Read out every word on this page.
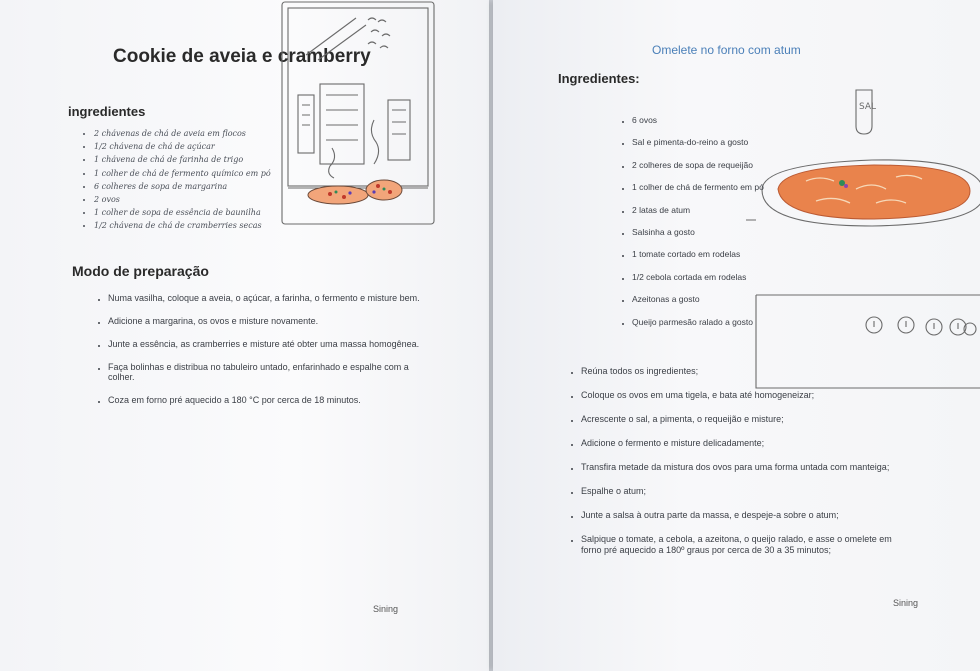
Cookie de aveia e cramberry
ingredientes
• 2 chávenas de chá de aveia em flocos
• 1/2 chávena de chá de açúcar
• 1 chávena de chá de farinha de trigo
• 1 colher de chá de fermento químico em pó
• 6 colheres de sopa de margarina
• 2 ovos
• 1 colher de sopa de essência de baunilha
• 1/2 chávena de chá de cramberries secas
Modo de preparação
• Numa vasilha, coloque a aveia, o açúcar, a farinha, o fermento e misture bem.
• Adicione a margarina, os ovos e misture novamente.
• Junte a essência, as cramberries e misture até obter uma massa homogênea.
• Faça bolinhas e distribua no tabuleiro untado, enfarinhado e espalhe com a colher.
• Coza em forno pré aquecido a 180 °C por cerca de 18 minutos.
Sining
Omelete no forno com atum
Ingredientes:
SAL
• 6 ovos
• Sal e pimenta-do-reino a gosto
• 2 colheres de sopa de requeijão
• 1 colher de chá de fermento em pó
• 2 latas de atum
• Salsinha a gosto
• 1 tomate cortado em rodelas
• 1/2 cebola cortada em rodelas
• Azeitonas a gosto
• Queijo parmesão ralado a gosto
• Reúna todos os ingredientes;
• Coloque os ovos em uma tigela, e bata até homogeneizar;
• Acrescente o sal, a pimenta, o requeijão e misture;
• Adicione o fermento e misture delicadamente;
• Transfira metade da mistura dos ovos para uma forma untada com manteiga;
• Espalhe o atum;
• Junte a salsa à outra parte da massa, e despeje-a sobre o atum;
• Salpique o tomate, a cebola, a azeitona, o queijo ralado, e asse o omelete em forno pré aquecido a 180º graus por cerca de 30 a 35 minutos;
Sining
